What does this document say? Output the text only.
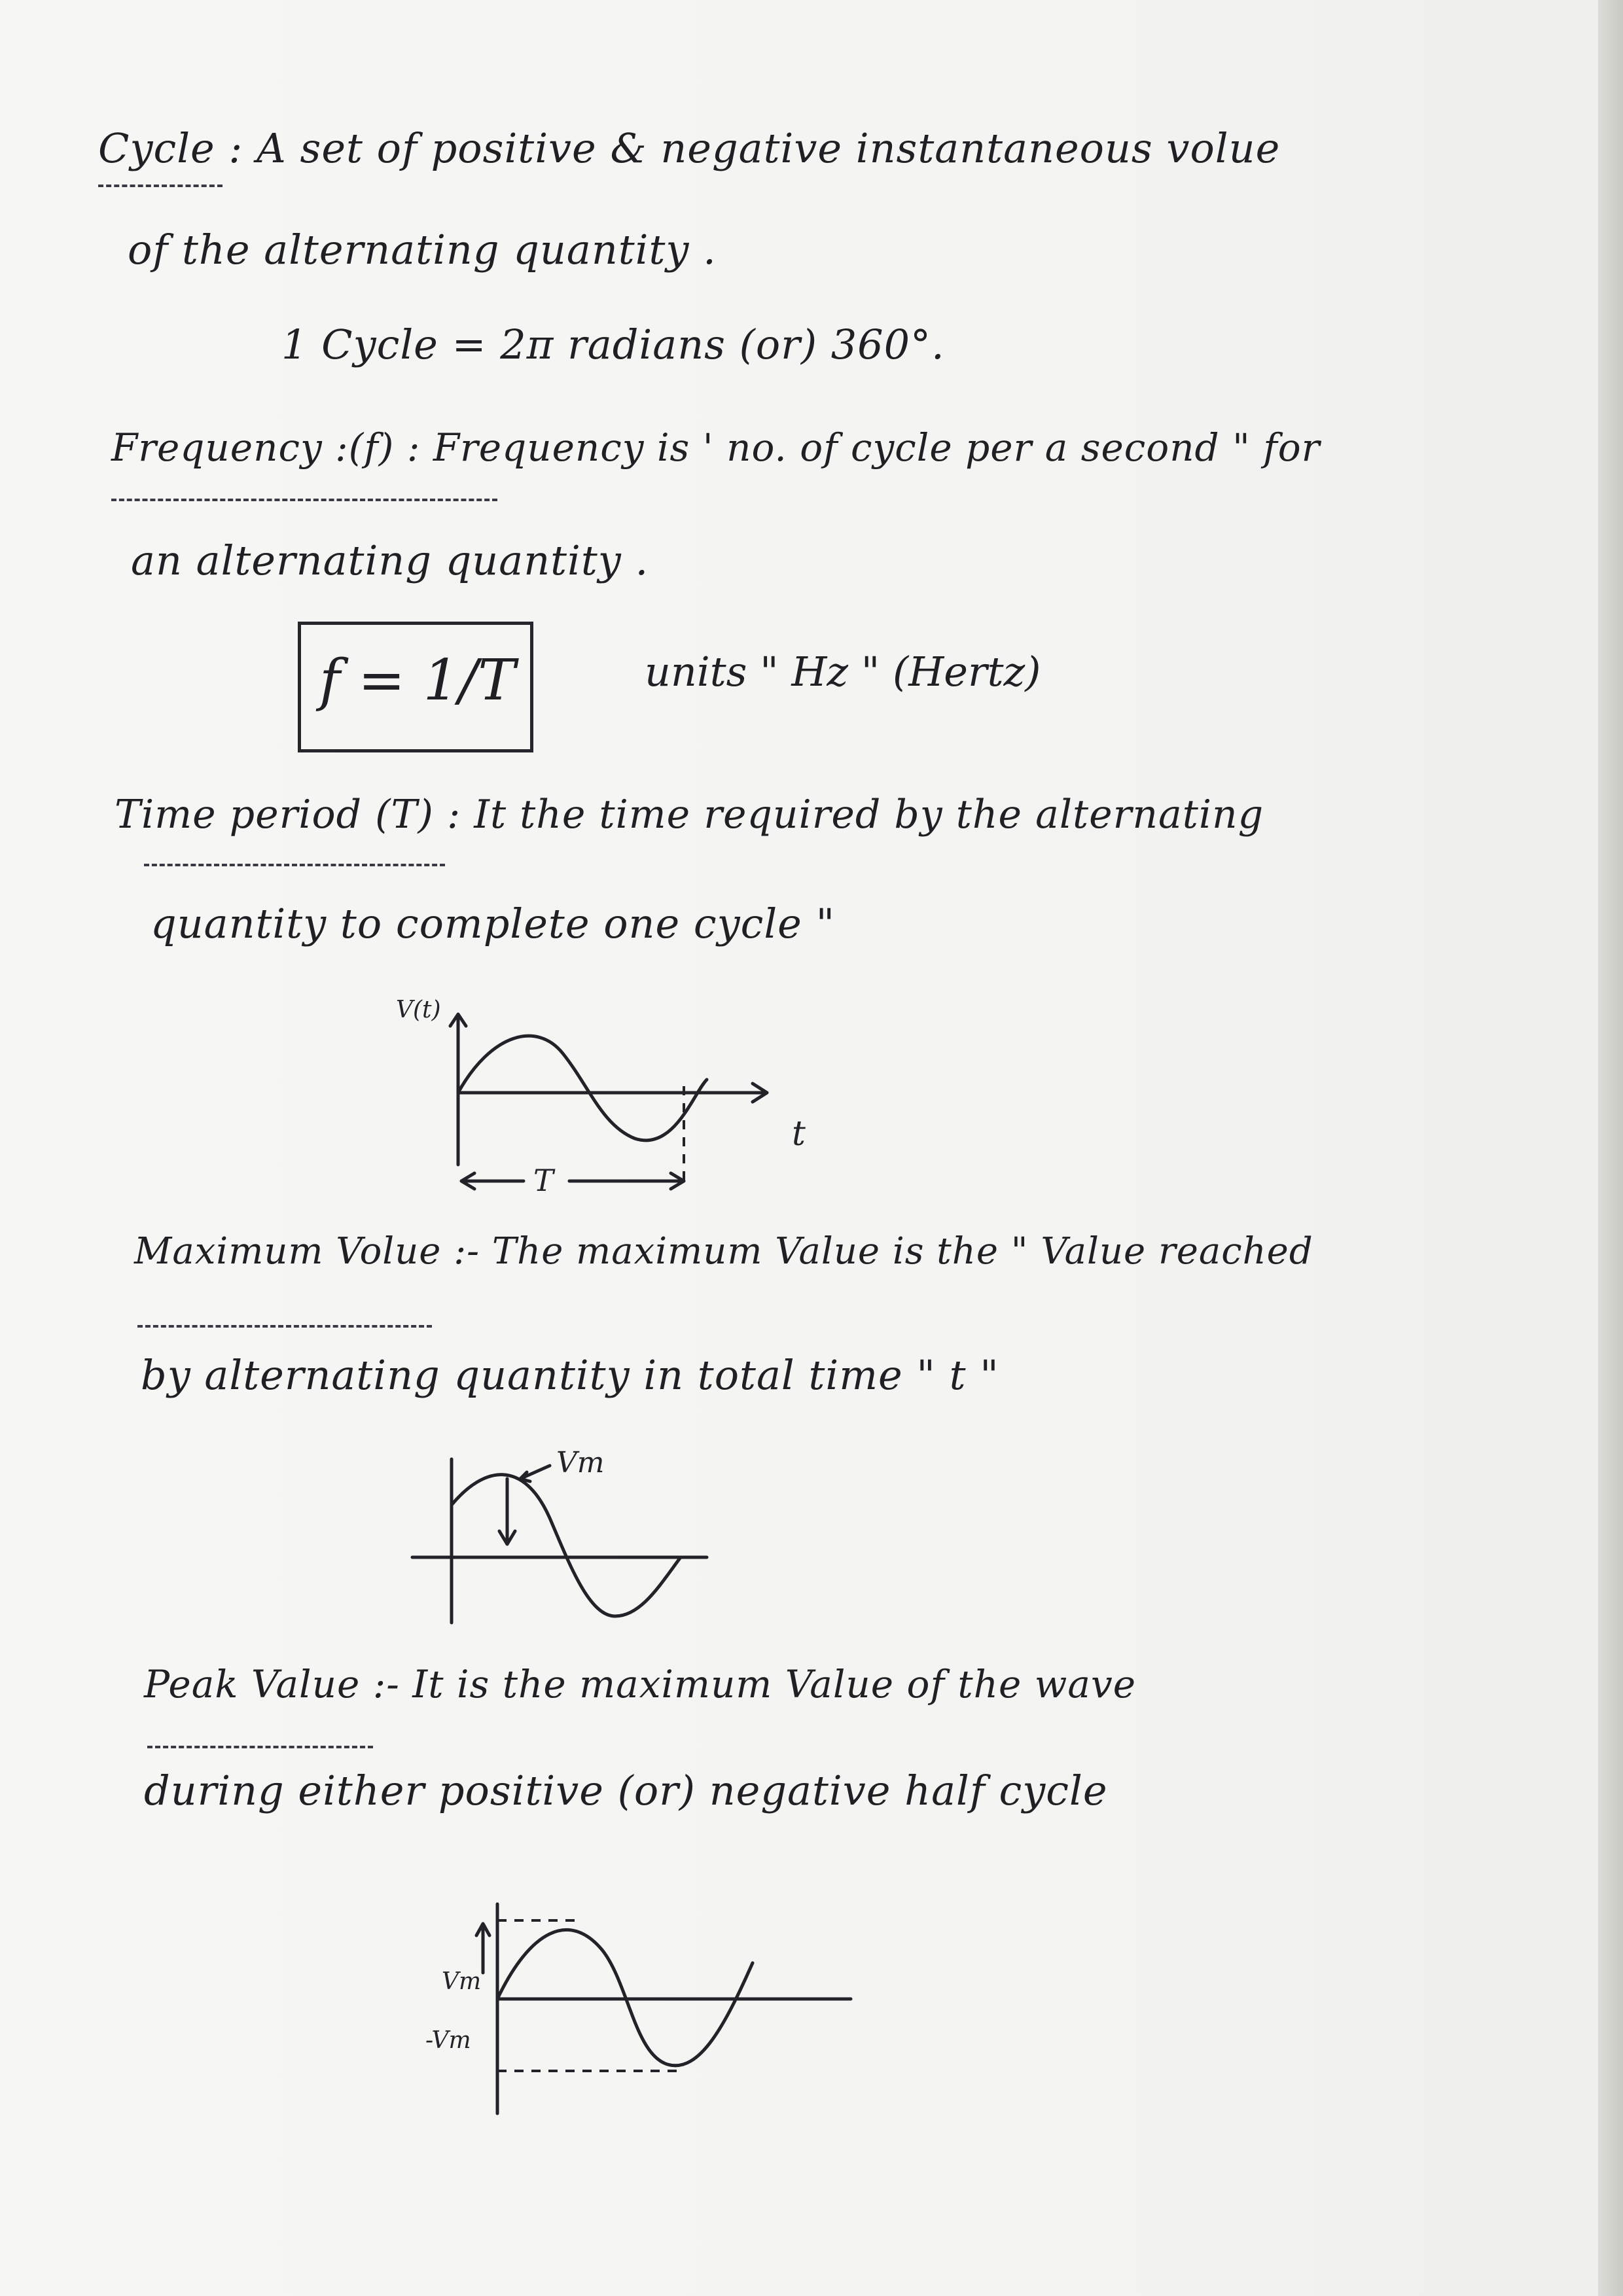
Cycle : A set of positive & negative instantaneous volue
of the alternating quantity .
1 Cycle = 2π radians (or) 360°.
Frequency :(f) : Frequency is ' no. of cycle per a second " for
an alternating quantity .
f = 1/T	units " Hz " (Hertz)
Time period (T) : It the time required by the alternating
quantity to complete one cycle "
V(t)
T
t
Maximum Volue :- The maximum Value is the " Value reached
by alternating quantity in total time " t "
Vm
Peak Value :- It is the maximum Value of the wave
during either positive (or) negative half cycle
Vm
-Vm
